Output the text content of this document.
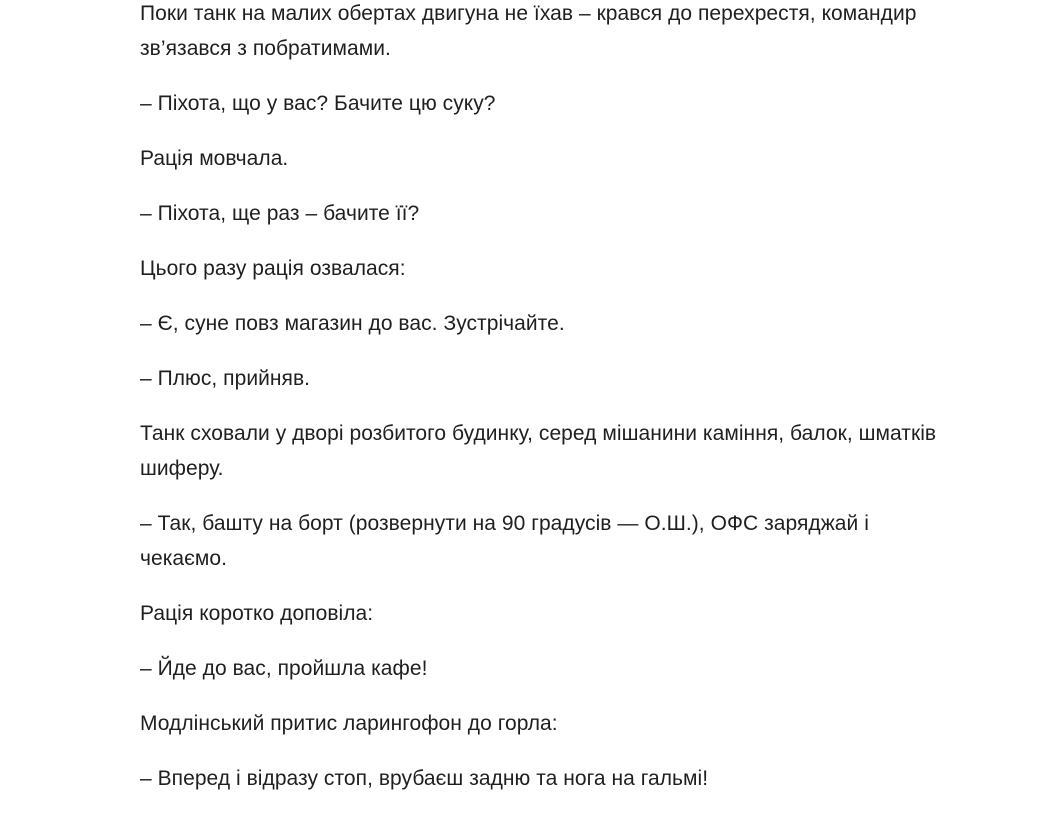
Поки танк на малих обертах двигуна не їхав – крався до перехрестя, командир зв’язався з побратимами.

– Піхота, що у вас? Бачите цю суку?

Рація мовчала.

– Піхота, ще раз – бачите її?

Цього разу рація озвалася:

– Є, суне повз магазин до вас. Зустрічайте.

– Плюс, прийняв.

Танк сховали у дворі розбитого будинку, серед мішанини каміння, балок, шматків шиферу.

– Так, башту на борт (розвернути на 90 градусів — О.Ш.), ОФС заряджай і чекаємо.

Рація коротко доповіла:

– Йде до вас, пройшла кафе!

Модлінський притис ларингофон до горла:

– Вперед і відразу стоп, врубаєш задню та нога на гальмі!
